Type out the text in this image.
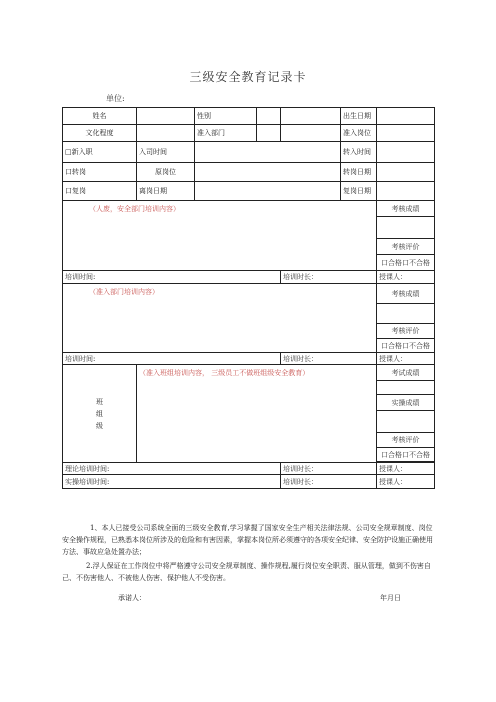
三级安全教育记录卡
单位:
姓名		性别			出生日期	
文化程度		准入部门			准入岗位	
□新入职	入司时间				转入时间	
口转岗	原岗位				转岗日期	
口复岗	离岗日期				复岗日期	
（人废，安全部门培训内容）						考核成绩

						考核评价
						口合格口不合格
培训时间:				培训时长：		授课人：
（准入部门培训内容）						考核成绩

						考核评价
						口合格口不合格
培训时间:				培训时长：		授课人：
班
组
级	（准入班组培训内容， 三级员工不做班组级安全教育）					考试成绩

						实操成绩

						考核评价
						口合格口不合格

理论培训时间:				培训时长：		授课人：
实操培训时间:				培训时长：		授课人：
1、本人已接受公司系统全面的三级安全教育,学习掌握了国家安全生产相关法律法规、公司安全规章制度、岗位安全操作规程，已熟悉本岗位所涉及的危险和有害因素，掌握本岗位所必须遵守的各项安全纪律、安全防护设施正确使用方法、事故应急处置办法；
2.浮人保证在工作岗位中将严格遵守公司安全规章制度、操作规程,履行岗位安全职责、服从管理，做到不伤害自己、不伤害他人、不被他人伤害、保护他人不受伤害。
承诺人：	年月日
